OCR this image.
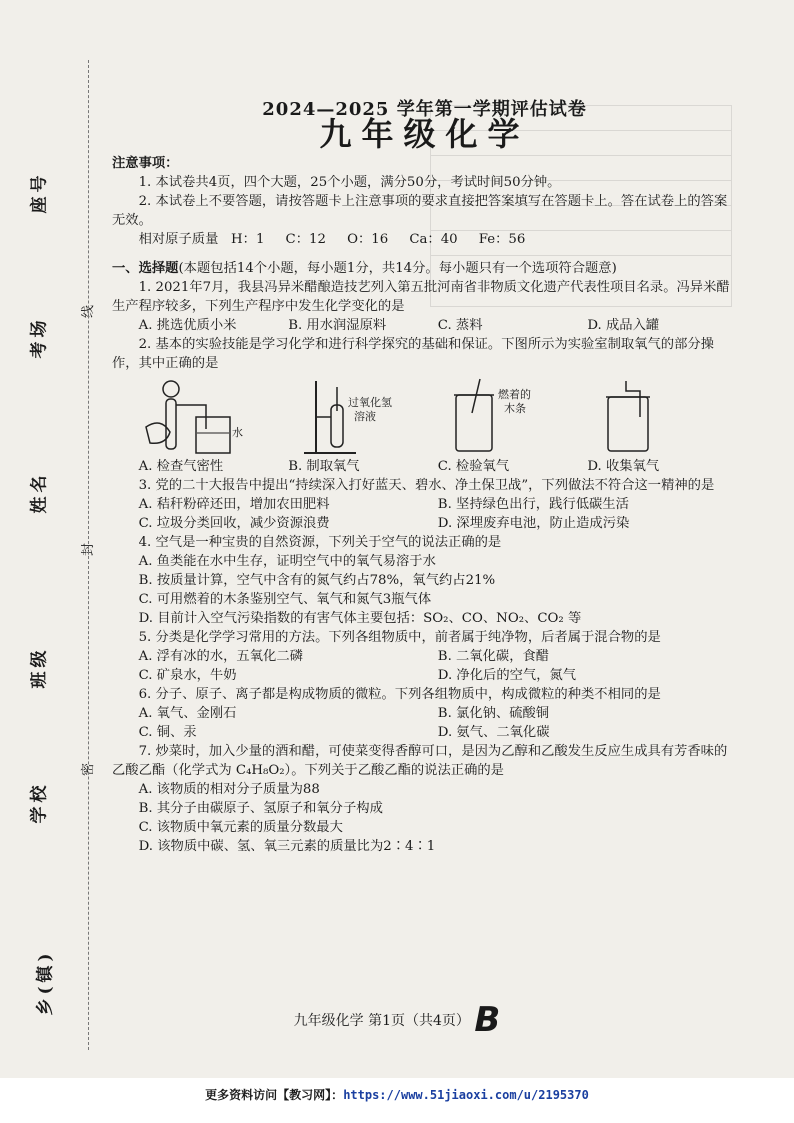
座号
考场
姓名
班级
学校
乡(镇)
线
封
密
2024—2025 学年第一学期评估试卷
九年级化学

注意事项：

1. 本试卷共4页，四个大题，25个小题，满分50分，考试时间50分钟。

2. 本试卷上不要答题，请按答题卡上注意事项的要求直接把答案填写在答题卡上。答在试卷上的答案无效。

相对原子质量   H：1     C：12     O：16     Ca：40     Fe：56

一、选择题(本题包括14个小题，每小题1分，共14分。每小题只有一个选项符合题意)

1. 2021年7月，我县冯异米醋酿造技艺列入第五批河南省非物质文化遗产代表性项目名录。冯异米醋生产程序较多，下列生产程序中发生化学变化的是

A. 挑选优质小米	B. 用水润湿原料	C. 蒸料	D. 成品入罐

2. 基本的实验技能是学习化学和进行科学探究的基础和保证。下图所示为实验室制取氧气的部分操作，其中正确的是

水
过氧化氢
溶液
燃着的
木条
A. 检查气密性	B. 制取氧气	C. 检验氧气	D. 收集氧气

3. 党的二十大报告中提出“持续深入打好蓝天、碧水、净土保卫战”，下列做法不符合这一精神的是

A. 秸秆粉碎还田，增加农田肥料	B. 坚持绿色出行，践行低碳生活
C. 垃圾分类回收，减少资源浪费	D. 深埋废弃电池，防止造成污染

4. 空气是一种宝贵的自然资源，下列关于空气的说法正确的是

A. 鱼类能在水中生存，证明空气中的氧气易溶于水
B. 按质量计算，空气中含有的氮气约占78%，氧气约占21%
C. 可用燃着的木条鉴别空气、氧气和氮气3瓶气体
D. 目前计入空气污染指数的有害气体主要包括：SO₂、CO、NO₂、CO₂ 等

5. 分类是化学学习常用的方法。下列各组物质中，前者属于纯净物，后者属于混合物的是

A. 浮有冰的水，五氧化二磷	B. 二氧化碳，食醋
C. 矿泉水，牛奶	D. 净化后的空气，氮气

6. 分子、原子、离子都是构成物质的微粒。下列各组物质中，构成微粒的种类不相同的是

A. 氧气、金刚石	B. 氯化钠、硫酸铜
C. 铜、汞	D. 氨气、二氧化碳

7. 炒菜时，加入少量的酒和醋，可使菜变得香醇可口，是因为乙醇和乙酸发生反应生成具有芳香味的乙酸乙酯（化学式为 C₄H₈O₂）。下列关于乙酸乙酯的说法正确的是

A. 该物质的相对分子质量为88
B. 其分子由碳原子、氢原子和氧分子构成
C. 该物质中氧元素的质量分数最大
D. 该物质中碳、氢、氧三元素的质量比为2∶4∶1
九年级化学 第1页（共4页） B
更多资料访问【教习网】：https://www.51jiaoxi.com/u/2195370
